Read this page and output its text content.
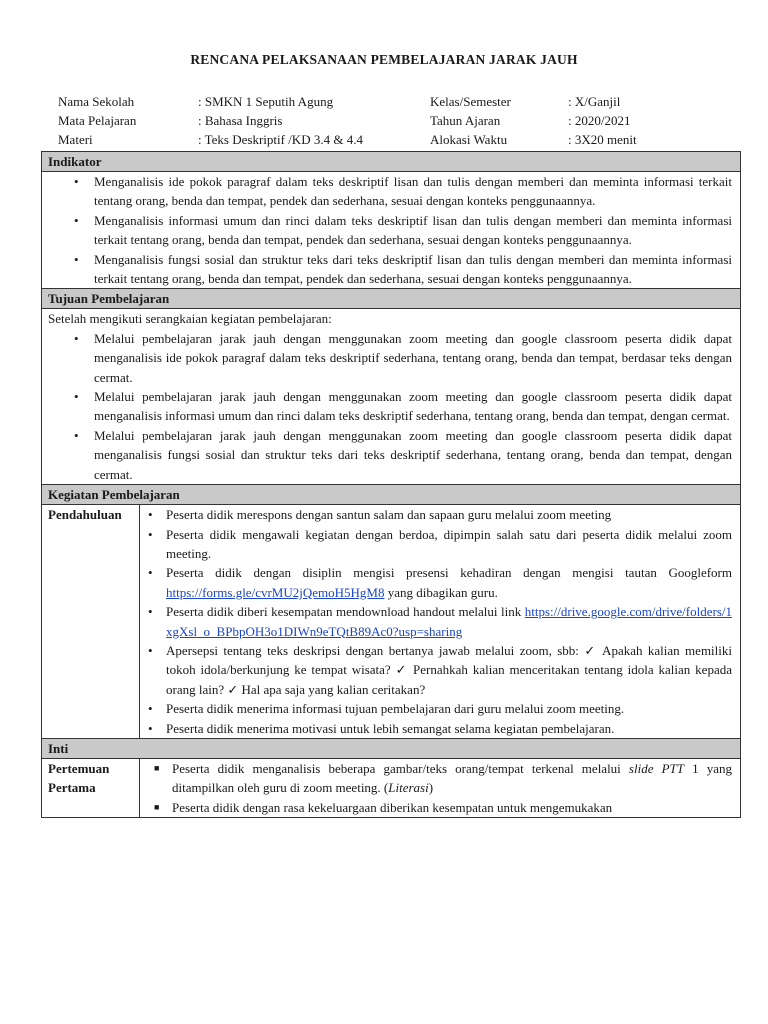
RENCANA PELAKSANAAN PEMBELAJARAN JARAK JAUH
Nama Sekolah	: SMKN 1 Seputih Agung	Kelas/Semester	: X/Ganjil
Mata Pelajaran	: Bahasa Inggris	Tahun Ajaran	: 2020/2021
Materi	: Teks Deskriptif /KD 3.4 & 4.4	Alokasi Waktu	: 3X20 menit
Indikator
• Menganalisis ide pokok paragraf dalam teks deskriptif lisan dan tulis dengan memberi dan meminta informasi terkait tentang orang, benda dan tempat, pendek dan sederhana, sesuai dengan konteks penggunaannya.
• Menganalisis informasi umum dan rinci dalam teks deskriptif lisan dan tulis dengan memberi dan meminta informasi terkait tentang orang, benda dan tempat, pendek dan sederhana, sesuai dengan konteks penggunaannya.
• Menganalisis fungsi sosial dan struktur teks dari teks deskriptif lisan dan tulis dengan memberi dan meminta informasi terkait tentang orang, benda dan tempat, pendek dan sederhana, sesuai dengan konteks penggunaannya.
Tujuan Pembelajaran
Setelah mengikuti serangkaian kegiatan pembelajaran:
• Melalui pembelajaran jarak jauh dengan menggunakan zoom meeting dan google classroom peserta didik dapat menganalisis ide pokok paragraf dalam teks deskriptif sederhana, tentang orang, benda dan tempat, berdasar teks dengan cermat.
• Melalui pembelajaran jarak jauh dengan menggunakan zoom meeting dan google classroom peserta didik dapat menganalisis informasi umum dan rinci dalam teks deskriptif sederhana, tentang orang, benda dan tempat, dengan cermat.
• Melalui pembelajaran jarak jauh dengan menggunakan zoom meeting dan google classroom peserta didik dapat menganalisis fungsi sosial dan struktur teks dari teks deskriptif sederhana, tentang orang, benda dan tempat, dengan cermat.
Kegiatan Pembelajaran
Pendahuluan	• Peserta didik merespons dengan santun salam dan sapaan guru melalui zoom meeting
• Peserta didik mengawali kegiatan dengan berdoa, dipimpin salah satu dari peserta didik melalui zoom meeting.
• Peserta didik dengan disiplin mengisi presensi kehadiran dengan mengisi tautan Googleform https://forms.gle/cvrMU2jQemoH5HgM8 yang dibagikan guru.
• Peserta didik diberi kesempatan mendownload handout melalui link https://drive.google.com/drive/folders/1xgXsl_o_BPbpOH3o1DIWn9eTQtB89Ac0?usp=sharing
• Apersepsi tentang teks deskripsi dengan bertanya jawab melalui zoom, sbb: ✓ Apakah kalian memiliki tokoh idola/berkunjung ke tempat wisata? ✓ Pernahkah kalian menceritakan tentang idola kalian kepada orang lain? ✓ Hal apa saja yang kalian ceritakan?
• Peserta didik menerima informasi tujuan pembelajaran dari guru melalui zoom meeting.
• Peserta didik menerima motivasi untuk lebih semangat selama kegiatan pembelajaran.
Inti
Pertemuan Pertama
■ Peserta didik menganalisis beberapa gambar/teks orang/tempat terkenal melalui slide PTT 1 yang ditampilkan oleh guru di zoom meeting. (Literasi)
■ Peserta didik dengan rasa kekeluargaan diberikan kesempatan untuk mengemukakan
